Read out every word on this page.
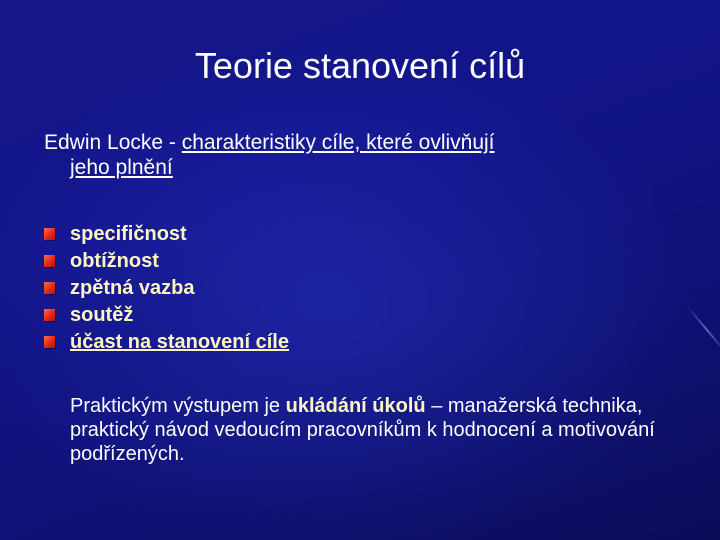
Teorie stanovení cílů
Edwin Locke - charakteristiky cíle, které ovlivňují
jeho plnění
specifičnost
obtížnost
zpětná vazba
soutěž
účast na stanovení cíle
Praktickým výstupem je ukládání úkolů – manažerská technika, praktický návod vedoucím pracovníkům k hodnocení a motivování podřízených.
